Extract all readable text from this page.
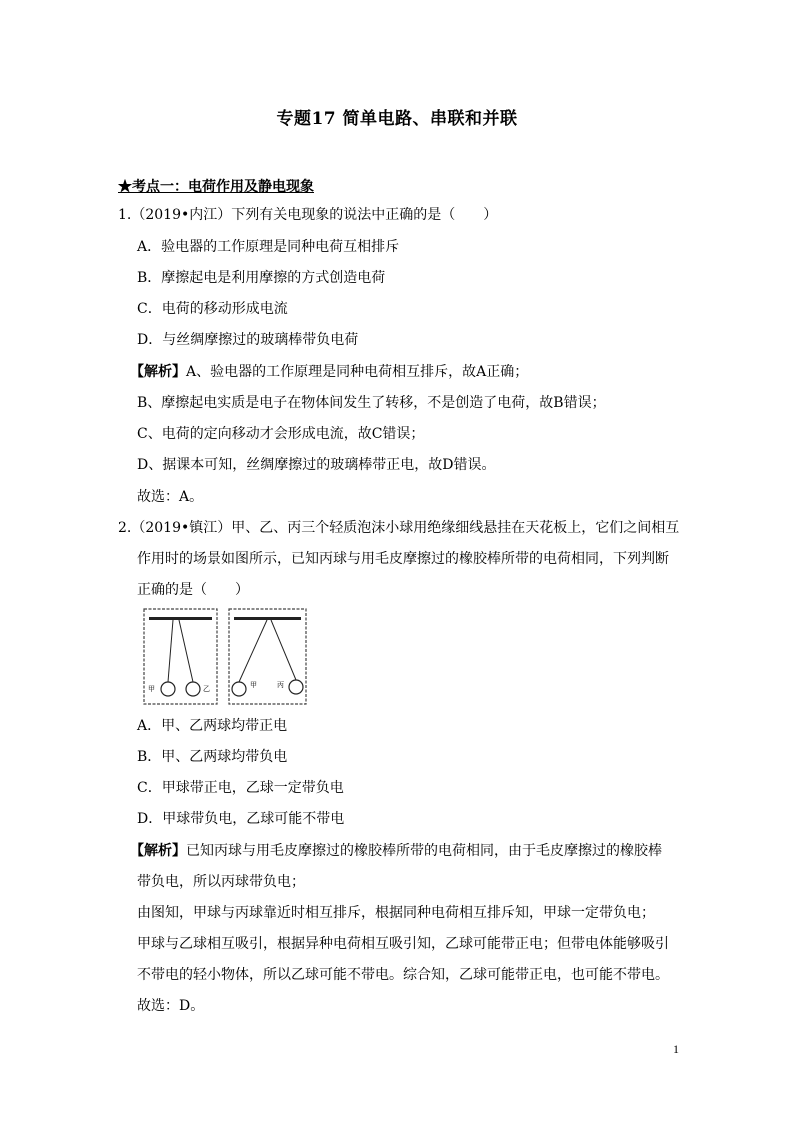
专题17 简单电路、串联和并联
★考点一：电荷作用及静电现象
1.（2019•内江）下列有关电现象的说法中正确的是（　　）
A．验电器的工作原理是同种电荷互相排斥
B．摩擦起电是利用摩擦的方式创造电荷
C．电荷的移动形成电流
D．与丝绸摩擦过的玻璃棒带负电荷
【解析】A、验电器的工作原理是同种电荷相互排斥，故A正确；
B、摩擦起电实质是电子在物体间发生了转移，不是创造了电荷，故B错误；
C、电荷的定向移动才会形成电流，故C错误；
D、据课本可知，丝绸摩擦过的玻璃棒带正电，故D错误。
故选：A。
2.（2019•镇江）甲、乙、丙三个轻质泡沫小球用绝缘细线悬挂在天花板上，它们之间相互
作用时的场景如图所示，已知丙球与用毛皮摩擦过的橡胶棒所带的电荷相同，下列判断
正确的是（　　）
甲	乙	甲	丙
A．甲、乙两球均带正电
B．甲、乙两球均带负电
C．甲球带正电，乙球一定带负电
D．甲球带负电，乙球可能不带电
【解析】已知丙球与用毛皮摩擦过的橡胶棒所带的电荷相同，由于毛皮摩擦过的橡胶棒
带负电，所以丙球带负电；
由图知，甲球与丙球靠近时相互排斥，根据同种电荷相互排斥知，甲球一定带负电；
甲球与乙球相互吸引，根据异种电荷相互吸引知，乙球可能带正电；但带电体能够吸引
不带电的轻小物体，所以乙球可能不带电。综合知，乙球可能带正电，也可能不带电。
故选：D。
1
